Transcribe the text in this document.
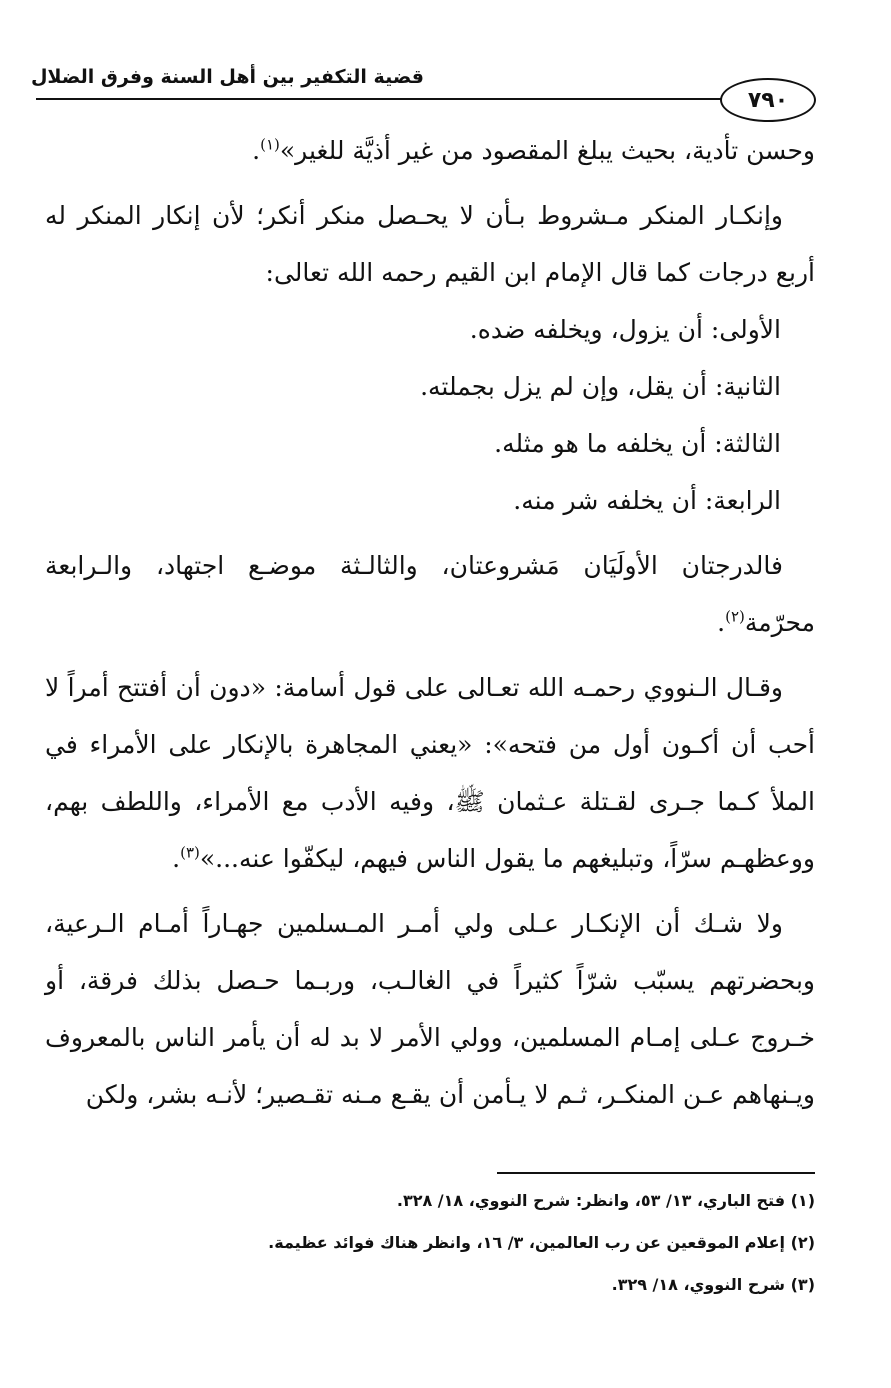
قضية التكفير بين أهل السنة وفرق الضلال
٧٩٠

وحسن تأدية، بحيث يبلغ المقصود من غير أذيَّة للغير»$^{(١)}$.

وإنكـار المنكر مـشروط بـأن لا يحـصل منكر أنكر؛ لأن إنكار المنكر له أربع درجات كما قال الإمام ابن القيم رحمه الله تعالى:

الأولى: أن يزول، ويخلفه ضده.

الثانية: أن يقل، وإن لم يزل بجملته.

الثالثة: أن يخلفه ما هو مثله.

الرابعة: أن يخلفه شر منه.

فالدرجتان الأولَيَان مَشروعتان، والثالـثة موضـع اجتهاد، والـرابعة محرّمة$^{(٢)}$.

وقـال الـنووي رحمـه الله تعـالى على قول أسامة: «دون أن أفتتح أمراً لا أحب أن أكـون أول من فتحه»: «يعني المجاهرة بالإنكار على الأمراء في الملأ كـما جـرى لقـتلة عـثمان ﷺ، وفيه الأدب مع الأمراء، واللطف بهم، ووعظهـم سرّاً، وتبليغهم ما يقول الناس فيهم، ليكفّوا عنه...»$^{(٣)}$.

ولا شـك أن الإنكـار عـلى ولي أمـر المـسلمين جهـاراً أمـام الـرعية، وبحضرتهم يسبّب شرّاً كثيراً في الغالـب، وربـما حـصل بذلك فرقة، أو خـروج عـلى إمـام المسلمين، وولي الأمر لا بد له أن يأمر الناس بالمعروف ويـنهاهم عـن المنكـر، ثـم لا يـأمن أن يقـع مـنه تقـصير؛ لأنـه بشر، ولكن

(١) فتح الباري، ١٣/ ٥٣، وانظر: شرح النووي، ١٨/ ٣٢٨.

(٢) إعلام الموقعين عن رب العالمين، ٣/ ١٦، وانظر هناك فوائد عظيمة.

(٣) شرح النووي، ١٨/ ٣٢٩.
